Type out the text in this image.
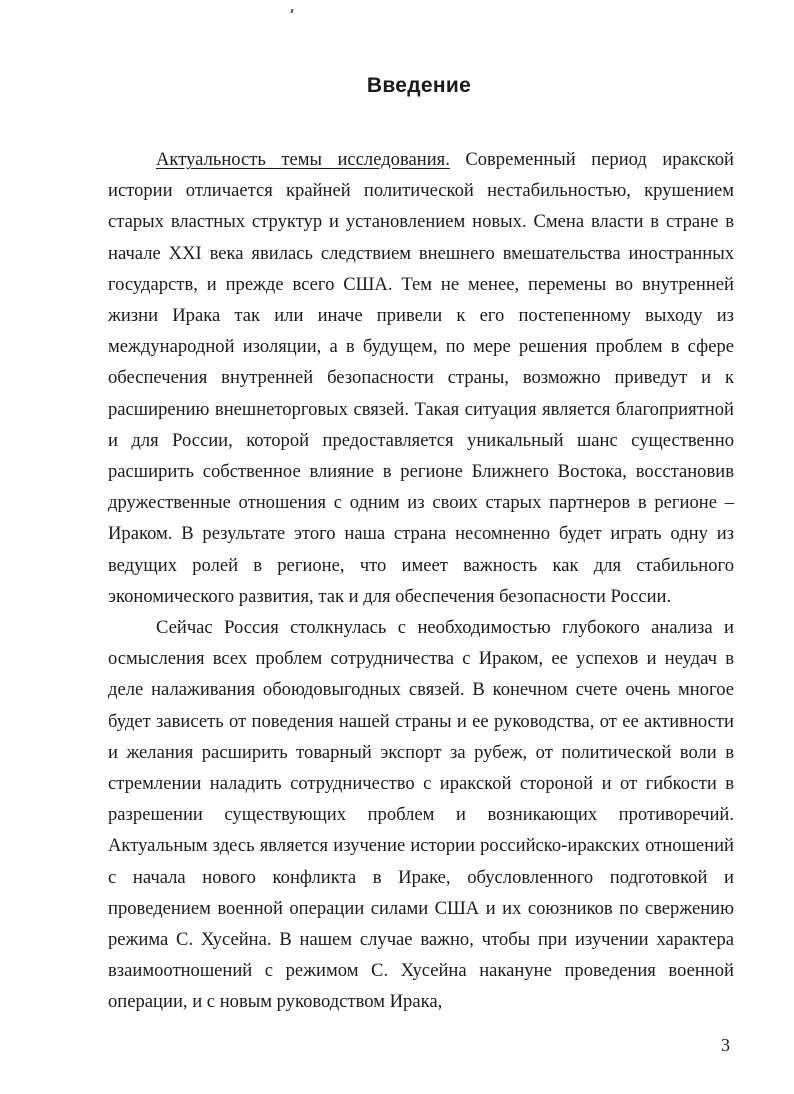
Введение

Актуальность темы исследования. Современный период иракской истории отличается крайней политической нестабильностью, крушением старых властных структур и установлением новых. Смена власти в стране в начале XXI века явилась следствием внешнего вмешательства иностранных государств, и прежде всего США. Тем не менее, перемены во внутренней жизни Ирака так или иначе привели к его постепенному выходу из международной изоляции, а в будущем, по мере решения проблем в сфере обеспечения внутренней безопасности страны, возможно приведут и к расширению внешнеторговых связей. Такая ситуация является благоприятной и для России, которой предоставляется уникальный шанс существенно расширить собственное влияние в регионе Ближнего Востока, восстановив дружественные отношения с одним из своих старых партнеров в регионе – Ираком. В результате этого наша страна несомненно будет играть одну из ведущих ролей в регионе, что имеет важность как для стабильного экономического развития, так и для обеспечения безопасности России.

Сейчас Россия столкнулась с необходимостью глубокого анализа и осмысления всех проблем сотрудничества с Ираком, ее успехов и неудач в деле налаживания обоюдовыгодных связей. В конечном счете очень многое будет зависеть от поведения нашей страны и ее руководства, от ее активности и желания расширить товарный экспорт за рубеж, от политической воли в стремлении наладить сотрудничество с иракской стороной и от гибкости в разрешении существующих проблем и возникающих противоречий. Актуальным здесь является изучение истории российско-иракских отношений с начала нового конфликта в Ираке, обусловленного подготовкой и проведением военной операции силами США и их союзников по свержению режима С. Хусейна. В нашем случае важно, чтобы при изучении характера взаимоотношений с режимом С. Хусейна накануне проведения военной операции, и с новым руководством Ирака,

3
